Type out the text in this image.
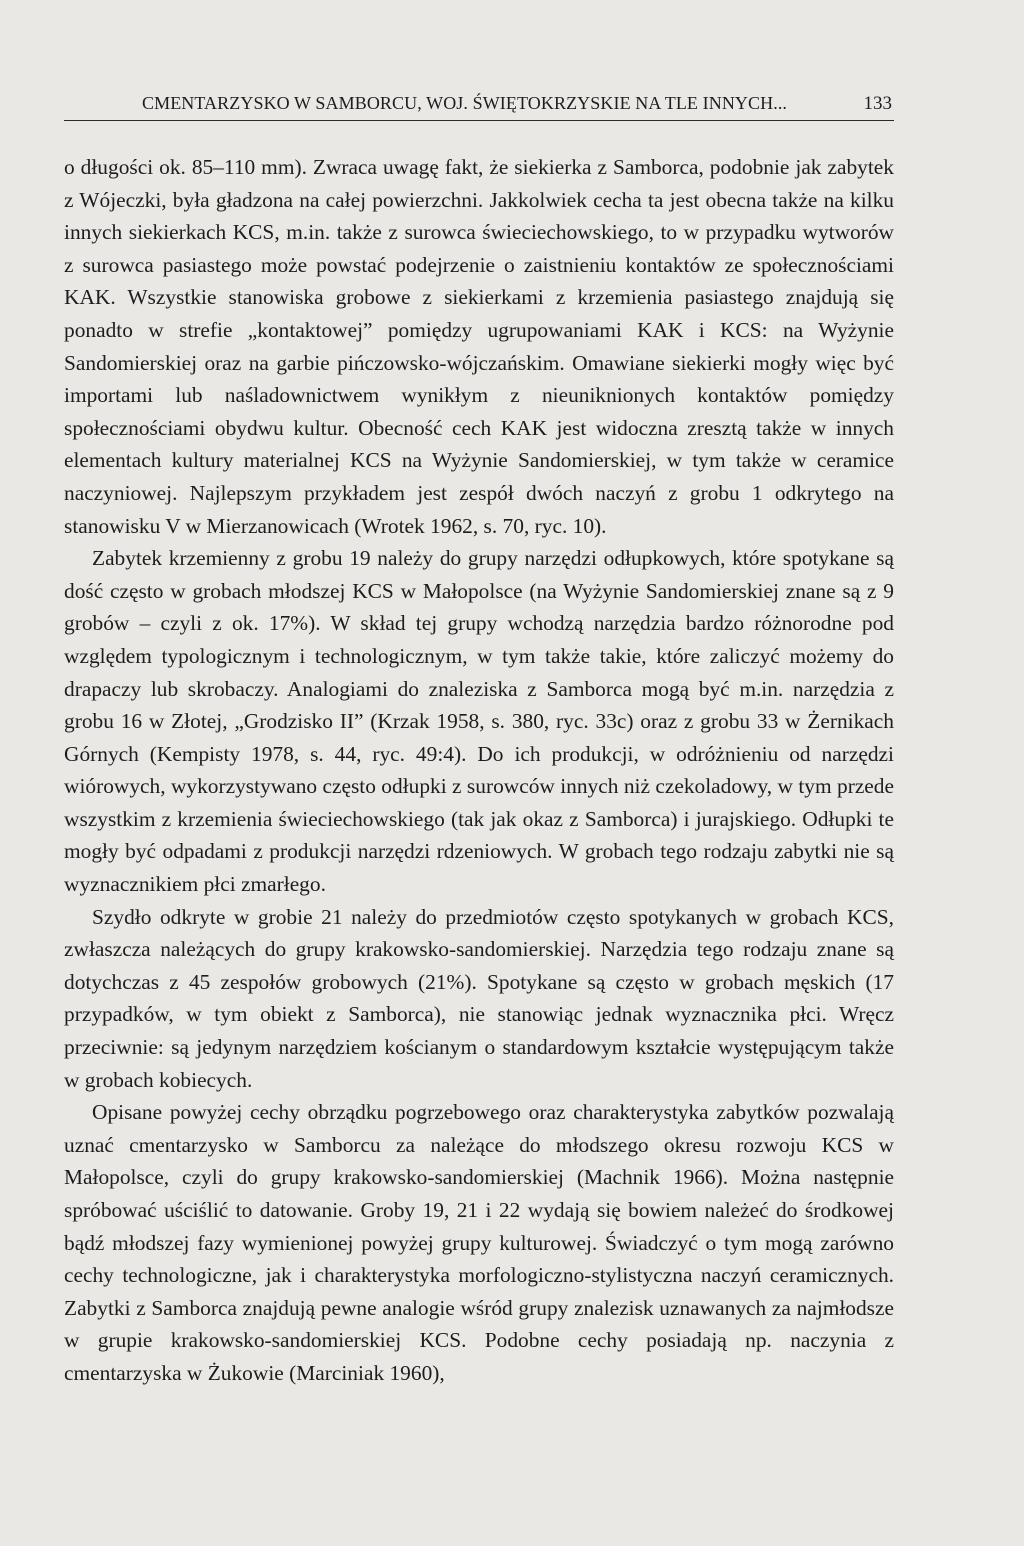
CMENTARZYSKO W SAMBORCU, WOJ. ŚWIĘTOKRZYSKIE NA TLE INNYCH...	133

o długości ok. 85–110 mm). Zwraca uwagę fakt, że siekierka z Samborca, podobnie jak zabytek z Wójeczki, była gładzona na całej powierzchni. Jakkolwiek cecha ta jest obecna także na kilku innych siekierkach KCS, m.in. także z surowca świeciechowskiego, to w przypadku wytworów z surowca pasiastego może powstać podejrzenie o zaistnieniu kontaktów ze społecznościami KAK. Wszystkie stanowiska grobowe z siekierkami z krzemienia pasiastego znajdują się ponadto w strefie „kontaktowej” pomiędzy ugrupowaniami KAK i KCS: na Wyżynie Sandomierskiej oraz na garbie pińczowsko-wójczańskim. Omawiane siekierki mogły więc być importami lub naśladownictwem wynikłym z nieuniknionych kontaktów pomiędzy społecznościami obydwu kultur. Obecność cech KAK jest widoczna zresztą także w innych elementach kultury materialnej KCS na Wyżynie Sandomierskiej, w tym także w ceramice naczyniowej. Najlepszym przykładem jest zespół dwóch naczyń z grobu 1 odkrytego na stanowisku V w Mierzanowicach (Wrotek 1962, s. 70, ryc. 10).

Zabytek krzemienny z grobu 19 należy do grupy narzędzi odłupkowych, które spotykane są dość często w grobach młodszej KCS w Małopolsce (na Wyżynie Sandomierskiej znane są z 9 grobów – czyli z ok. 17%). W skład tej grupy wchodzą narzędzia bardzo różnorodne pod względem typologicznym i technologicznym, w tym także takie, które zaliczyć możemy do drapaczy lub skrobaczy. Analogiami do znaleziska z Samborca mogą być m.in. narzędzia z grobu 16 w Złotej, „Grodzisko II” (Krzak 1958, s. 380, ryc. 33c) oraz z grobu 33 w Żernikach Górnych (Kempisty 1978, s. 44, ryc. 49:4). Do ich produkcji, w odróżnieniu od narzędzi wiórowych, wykorzystywano często odłupki z surowców innych niż czekoladowy, w tym przede wszystkim z krzemienia świeciechowskiego (tak jak okaz z Samborca) i jurajskiego. Odłupki te mogły być odpadami z produkcji narzędzi rdzeniowych. W grobach tego rodzaju zabytki nie są wyznacznikiem płci zmarłego.

Szydło odkryte w grobie 21 należy do przedmiotów często spotykanych w grobach KCS, zwłaszcza należących do grupy krakowsko-sandomierskiej. Narzędzia tego rodzaju znane są dotychczas z 45 zespołów grobowych (21%). Spotykane są często w grobach męskich (17 przypadków, w tym obiekt z Samborca), nie stanowiąc jednak wyznacznika płci. Wręcz przeciwnie: są jedynym narzędziem kościanym o standardowym kształcie występującym także w grobach kobiecych.

Opisane powyżej cechy obrządku pogrzebowego oraz charakterystyka zabytków pozwalają uznać cmentarzysko w Samborcu za należące do młodszego okresu rozwoju KCS w Małopolsce, czyli do grupy krakowsko-sandomierskiej (Machnik 1966). Można następnie spróbować uściślić to datowanie. Groby 19, 21 i 22 wydają się bowiem należeć do środkowej bądź młodszej fazy wymienionej powyżej grupy kulturowej. Świadczyć o tym mogą zarówno cechy technologiczne, jak i charakterystyka morfologiczno-stylistyczna naczyń ceramicznych. Zabytki z Samborca znajdują pewne analogie wśród grupy znalezisk uznawanych za najmłodsze w grupie krakowsko-sandomierskiej KCS. Podobne cechy posiadają np. naczynia z cmentarzyska w Żukowie (Marciniak 1960),
